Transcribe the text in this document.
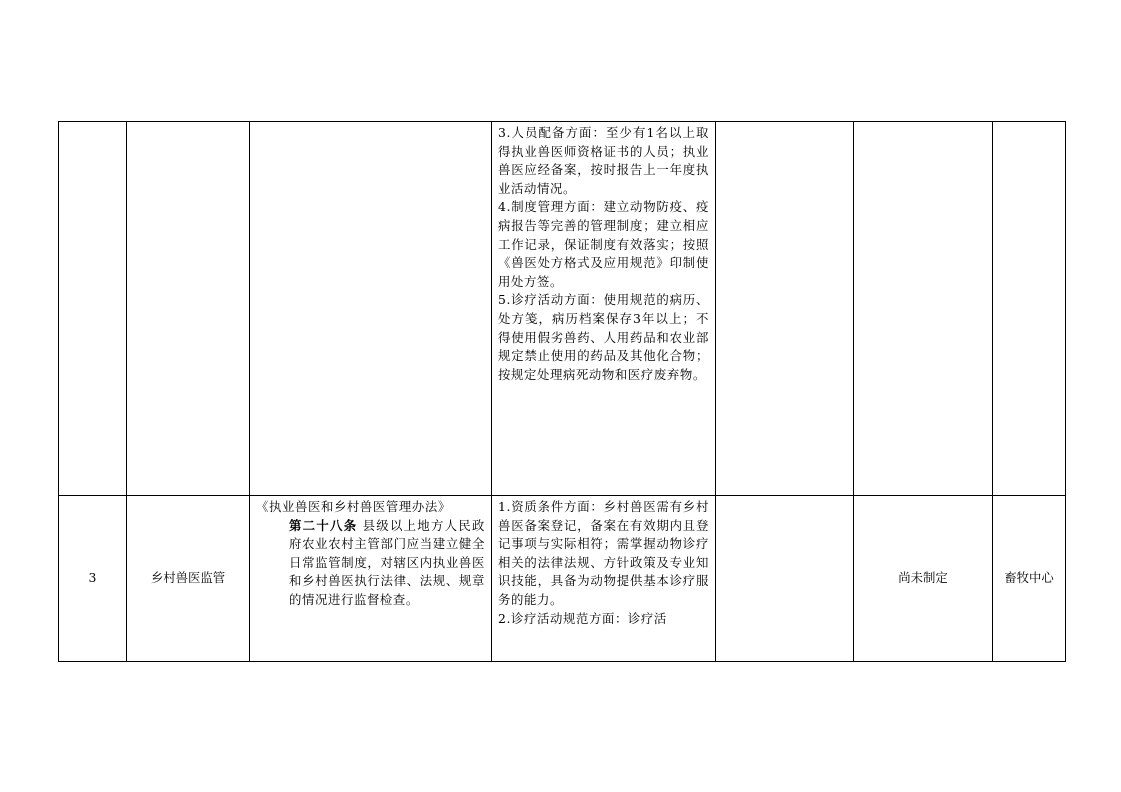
			3.人员配备方面：至少有1名以上取得执业兽医师资格证书的人员；执业兽医应经备案，按时报告上一年度执业活动情况。
4.制度管理方面：建立动物防疫、疫病报告等完善的管理制度；建立相应工作记录，保证制度有效落实；按照《兽医处方格式及应用规范》印制使用处方签。
5.诊疗活动方面：使用规范的病历、处方笺，病历档案保存3年以上；不得使用假劣兽药、人用药品和农业部规定禁止使用的药品及其他化合物；按规定处理病死动物和医疗废弃物。			

3	乡村兽医监管	《执业兽医和乡村兽医管理办法》
第二十八条 县级以上地方人民政府农业农村主管部门应当建立健全日常监管制度，对辖区内执业兽医和乡村兽医执行法律、法规、规章的情况进行监督检查。	1.资质条件方面：乡村兽医需有乡村兽医备案登记，备案在有效期内且登记事项与实际相符；需掌握动物诊疗相关的法律法规、方针政策及专业知识技能，具备为动物提供基本诊疗服务的能力。
2.诊疗活动规范方面：诊疗活		尚未制定	畜牧中心
